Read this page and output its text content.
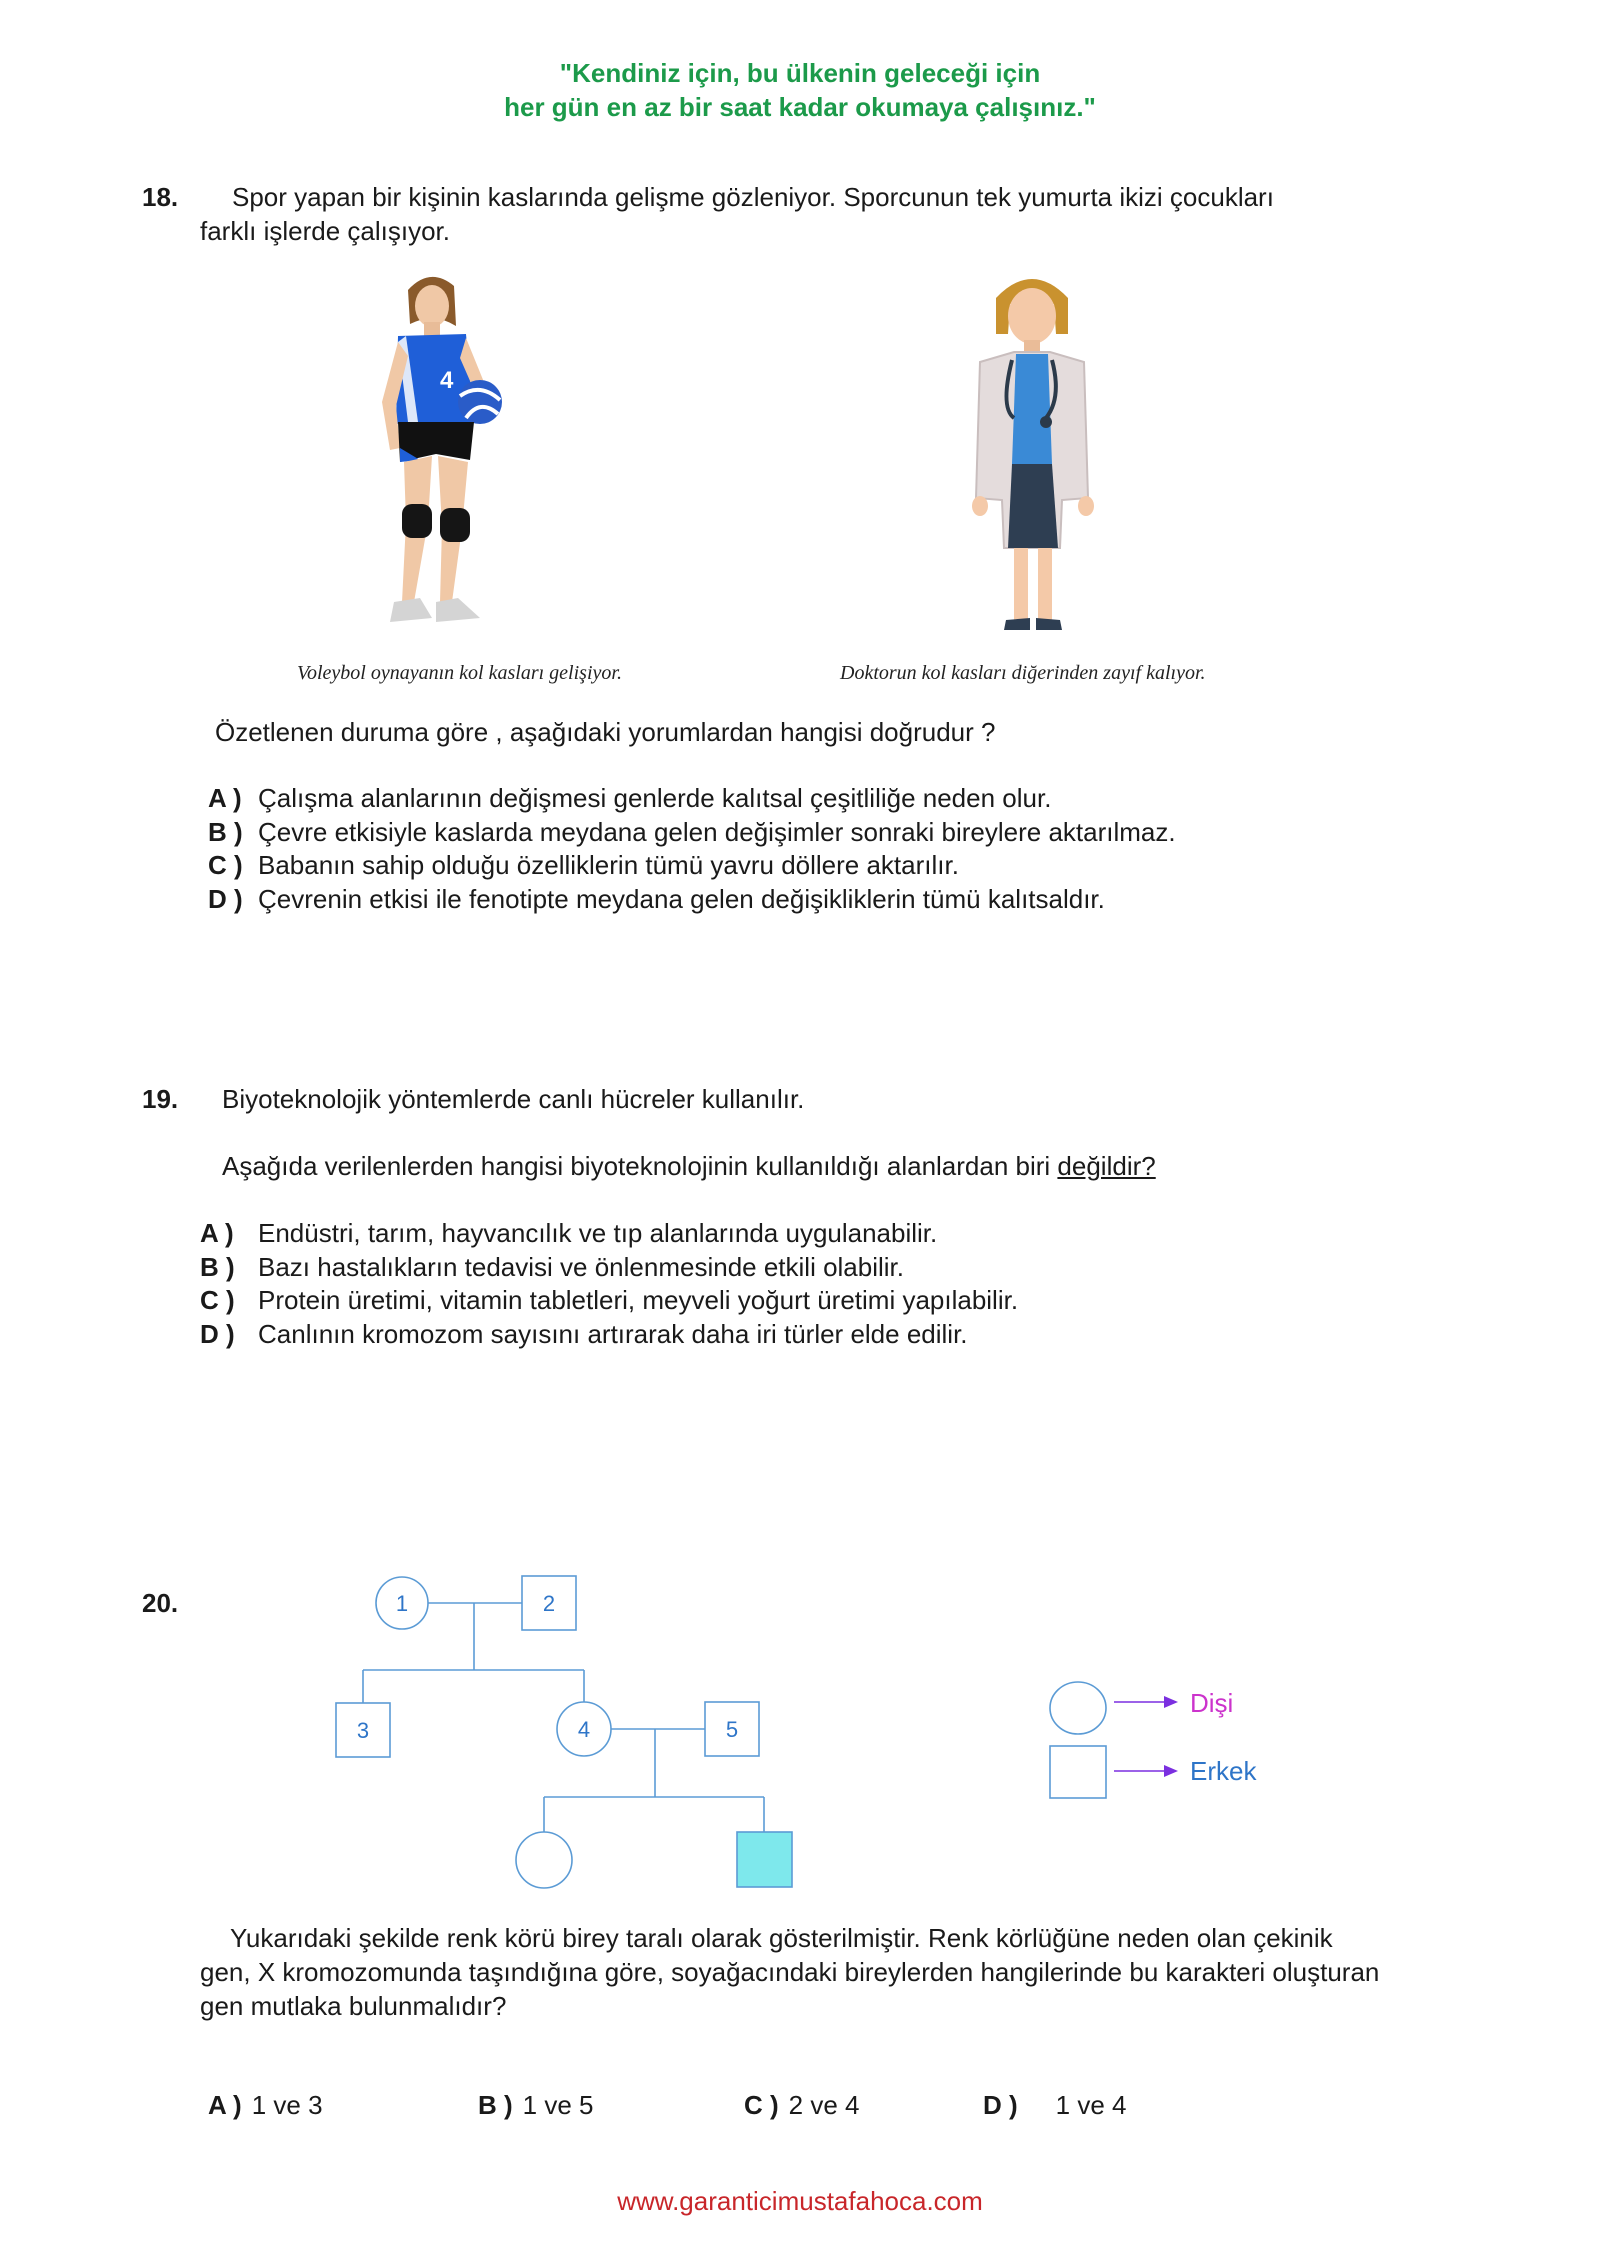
"Kendiniz için, bu ülkenin geleceği için
her gün en az bir saat kadar okumaya çalışınız."
18. Spor yapan bir kişinin kaslarında gelişme gözleniyor. Sporcunun tek yumurta ikizi çocukları
farklı işlerde çalışıyor.
4
Voleybol oynayanın kol kasları gelişiyor.	Doktorun kol kasları diğerinden zayıf kalıyor.
Özetlenen duruma göre , aşağıdaki yorumlardan hangisi doğrudur ?
A ) Çalışma alanlarının değişmesi genlerde kalıtsal çeşitliliğe neden olur.
B ) Çevre etkisiyle kaslarda meydana gelen değişimler sonraki bireylere aktarılmaz.
C ) Babanın sahip olduğu özelliklerin tümü yavru döllere aktarılır.
D ) Çevrenin etkisi ile fenotipte meydana gelen değişikliklerin tümü kalıtsaldır.
19. Biyoteknolojik yöntemlerde canlı hücreler kullanılır.
Aşağıda verilenlerden hangisi biyoteknolojinin kullanıldığı alanlardan biri değildir?
A ) Endüstri, tarım, hayvancılık ve tıp alanlarında uygulanabilir.
B ) Bazı hastalıkların tedavisi ve önlenmesinde etkili olabilir.
C ) Protein üretimi, vitamin tabletleri, meyveli yoğurt üretimi yapılabilir.
D ) Canlının kromozom sayısını artırarak daha iri türler elde edilir.
20.	1	2
3	4	5
Dişi
Erkek
Yukarıdaki şekilde renk körü birey taralı olarak gösterilmiştir. Renk körlüğüne neden olan çekinik
gen, X kromozomunda taşındığına göre, soyağacındaki bireylerden hangilerinde bu karakteri oluşturan
gen mutlaka bulunmalıdır?
A ) 1 ve 3	B ) 1 ve 5	C ) 2 ve 4	D ) 1 ve 4
www.garanticimustafahoca.com
